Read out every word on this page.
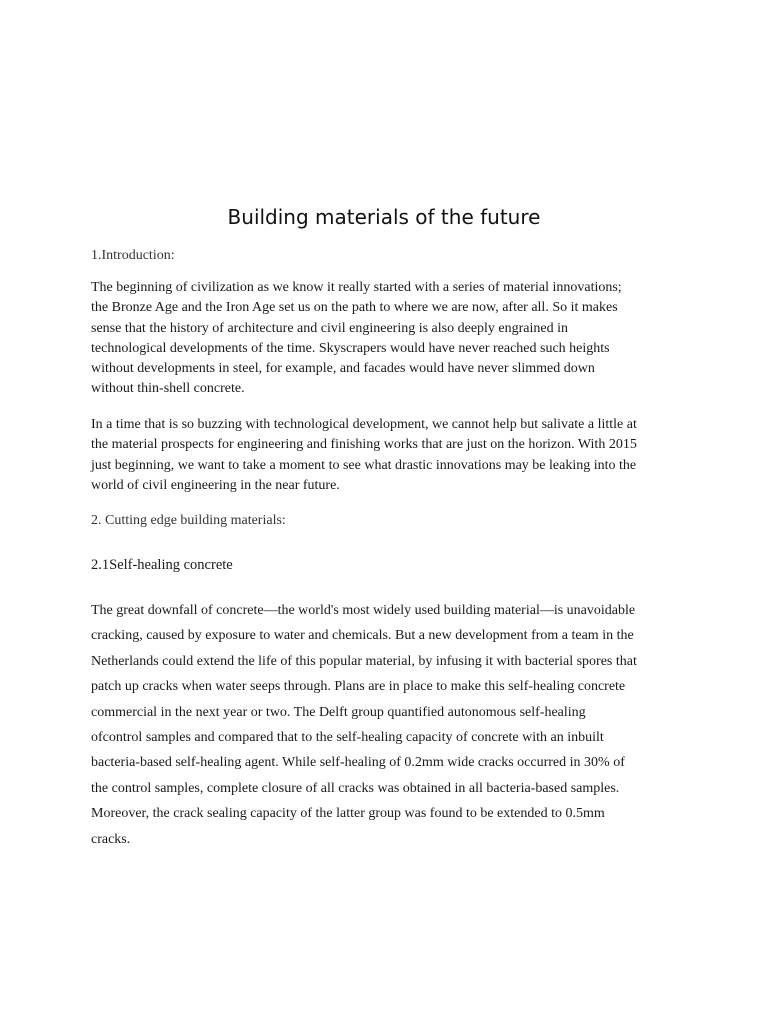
Building materials of the future
1.Introduction:
The beginning of civilization as we know it really started with a series of material innovations;
the Bronze Age and the Iron Age set us on the path to where we are now, after all. So it makes
sense that the history of architecture and civil engineering is also deeply engrained in
technological developments of the time. Skyscrapers would have never reached such heights
without developments in steel, for example, and facades would have never slimmed down
without thin-shell concrete.
In a time that is so buzzing with technological development, we cannot help but salivate a little at
the material prospects for engineering and finishing works that are just on the horizon. With 2015
just beginning, we want to take a moment to see what drastic innovations may be leaking into the
world of civil engineering in the near future.
2. Cutting edge building materials:
2.1Self-healing concrete
The great downfall of concrete—the world's most widely used building material—is unavoidable
cracking, caused by exposure to water and chemicals. But a new development from a team in the
Netherlands could extend the life of this popular material, by infusing it with bacterial spores that
patch up cracks when water seeps through. Plans are in place to make this self-healing concrete
commercial in the next year or two. The Delft group quantified autonomous self-healing
ofcontrol samples and compared that to the self-healing capacity of concrete with an inbuilt
bacteria-based self-healing agent. While self-healing of 0.2mm wide cracks occurred in 30% of
the control samples, complete closure of all cracks was obtained in all bacteria-based samples.
Moreover, the crack sealing capacity of the latter group was found to be extended to 0.5mm
cracks.
